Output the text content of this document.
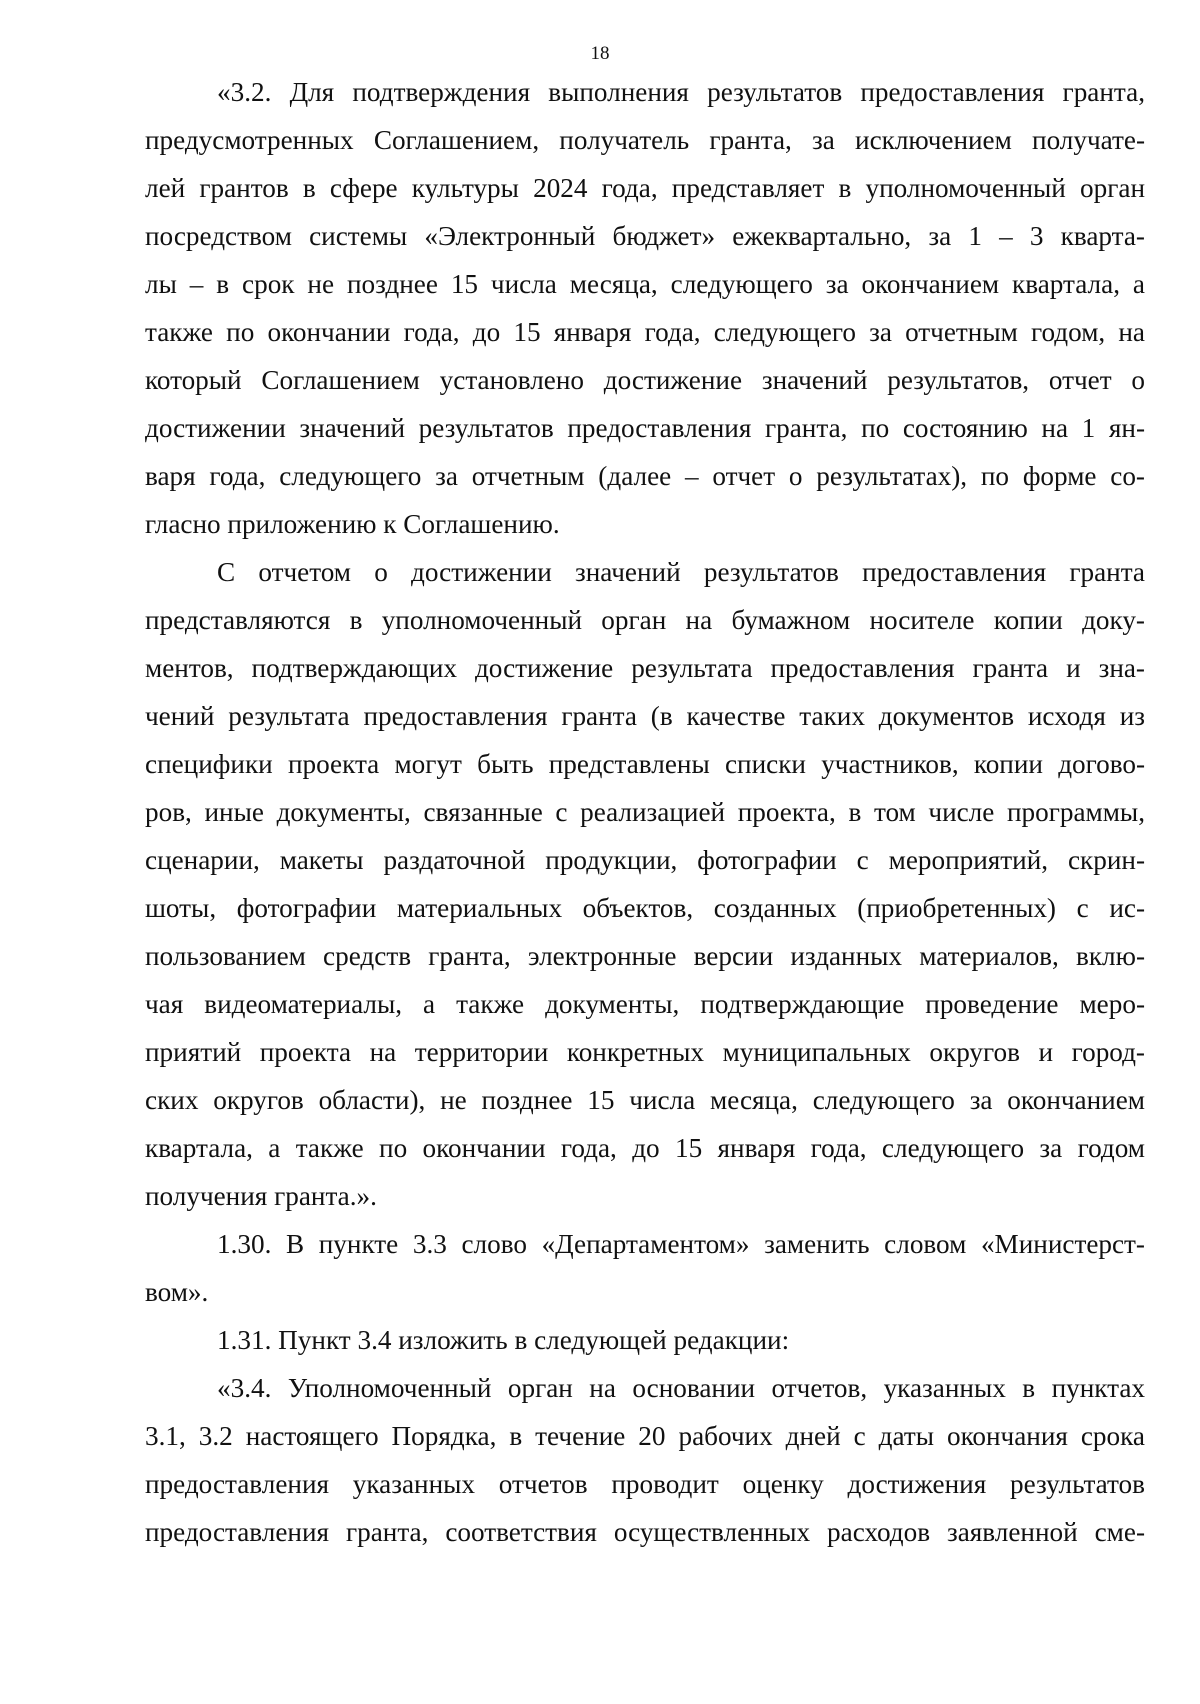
18
«3.2. Для подтверждения выполнения результатов предоставления гранта,
предусмотренных Соглашением, получатель гранта, за исключением получате-
лей грантов в сфере культуры 2024 года, представляет в уполномоченный орган
посредством системы «Электронный бюджет» ежеквартально, за 1 – 3 кварта-
лы – в срок не позднее 15 числа месяца, следующего за окончанием квартала, а
также по окончании года, до 15 января года, следующего за отчетным годом, на
который Соглашением установлено достижение значений результатов, отчет о
достижении значений результатов предоставления гранта, по состоянию на 1 ян-
варя года, следующего за отчетным (далее – отчет о результатах), по форме со-
гласно приложению к Соглашению.
С отчетом о достижении значений результатов предоставления гранта
представляются в уполномоченный орган на бумажном носителе копии доку-
ментов, подтверждающих достижение результата предоставления гранта и зна-
чений результата предоставления гранта (в качестве таких документов исходя из
специфики проекта могут быть представлены списки участников, копии догово-
ров, иные документы, связанные с реализацией проекта, в том числе программы,
сценарии, макеты раздаточной продукции, фотографии с мероприятий, скрин-
шоты, фотографии материальных объектов, созданных (приобретенных) с ис-
пользованием средств гранта, электронные версии изданных материалов, вклю-
чая видеоматериалы, а также документы, подтверждающие проведение меро-
приятий проекта на территории конкретных муниципальных округов и город-
ских округов области), не позднее 15 числа месяца, следующего за окончанием
квартала, а также по окончании года, до 15 января года, следующего за годом
получения гранта.».
1.30. В пункте 3.3 слово «Департаментом» заменить словом «Министерст-
вом».
1.31. Пункт 3.4 изложить в следующей редакции:
«3.4. Уполномоченный орган на основании отчетов, указанных в пунктах
3.1, 3.2 настоящего Порядка, в течение 20 рабочих дней с даты окончания срока
предоставления указанных отчетов проводит оценку достижения результатов
предоставления гранта, соответствия осуществленных расходов заявленной сме-
